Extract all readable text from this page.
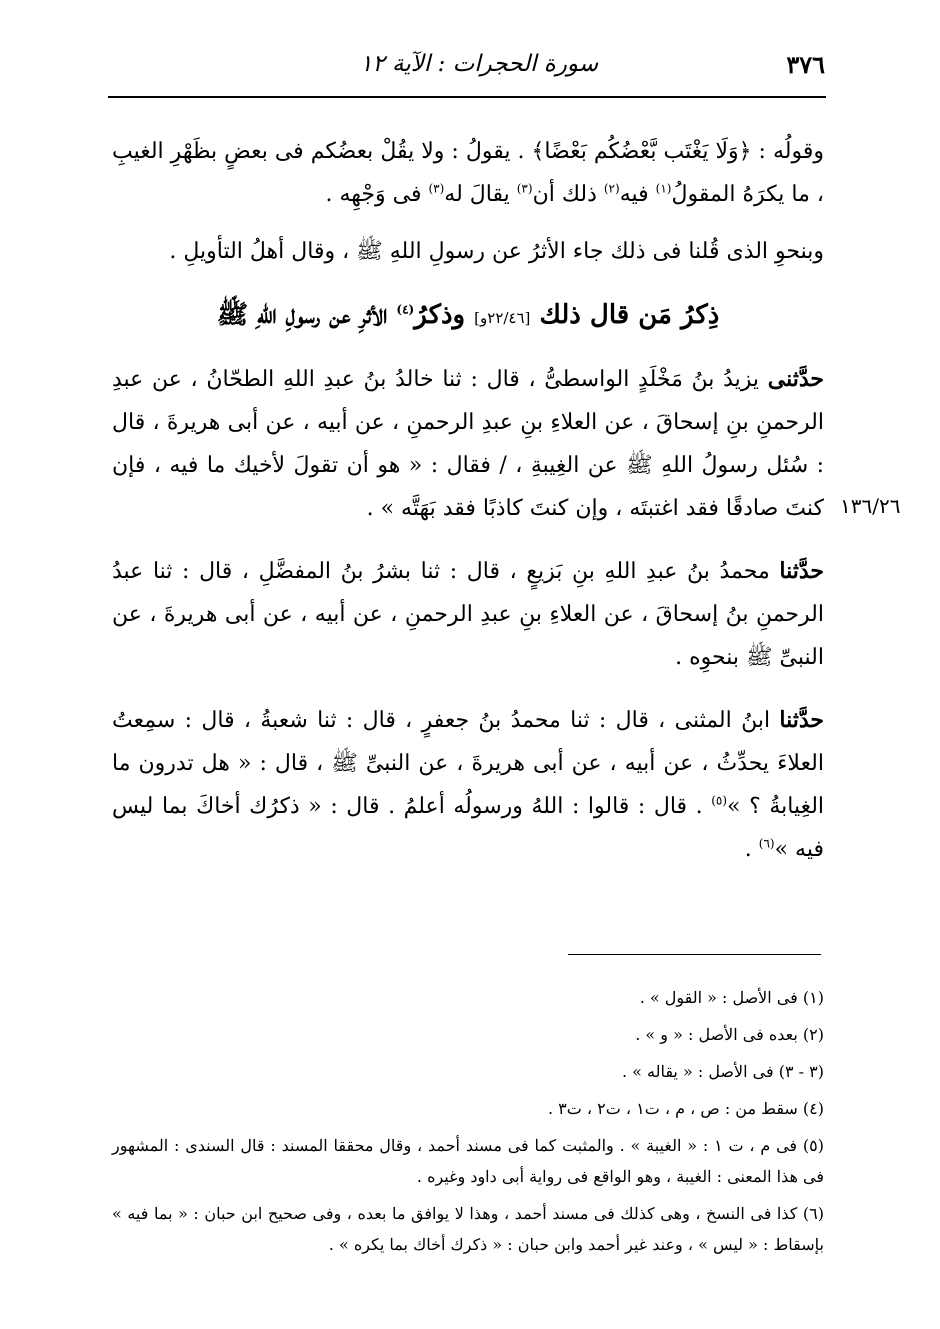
٣٧٦
سورة الحجرات : الآية ١٢
١٣٦/٢٦

وقولُه : ﴿وَلَا يَغْتَب بَّعْضُكُم بَعْضًا﴾ . يقولُ : ولا يقُلْ بعضُكم فى بعضٍ بظَهْرِ الغيبِ ، ما يكرَهُ المقولُ$^{(١)}$ فيه$^{(٢)}$ ذلك أن$^{(٣)}$ يقالَ له$^{(٣)}$ فى وَجْهِه .

وبنحوِ الذى قُلنا فى ذلك جاء الأثرُ عن رسولِ اللهِ ﷺ ، وقال أهلُ التأويلِ .

ذِكرُ مَن قال ذلك [٢٢/٤٦و] وذكرُ$^{(٤)}$ الأثرِ عن رسولِ اللهِ ﷺ

حدَّثنى يزيدُ بنُ مَخْلَدٍ الواسطىُّ ، قال : ثنا خالدُ بنُ عبدِ اللهِ الطحّانُ ، عن عبدِ الرحمنِ بنِ إسحاقَ ، عن العلاءِ بنِ عبدِ الرحمنِ ، عن أبيه ، عن أبى هريرةَ ، قال : سُئل رسولُ اللهِ ﷺ عن الغِيبةِ ، / فقال : « هو أن تقولَ لأخيك ما فيه ، فإن كنتَ صادقًا فقد اغتبتَه ، وإن كنتَ كاذبًا فقد بَهَتَّه » .

حدَّثنا محمدُ بنُ عبدِ اللهِ بنِ بَزيعٍ ، قال : ثنا بشرُ بنُ المفضَّلِ ، قال : ثنا عبدُ الرحمنِ بنُ إسحاقَ ، عن العلاءِ بنِ عبدِ الرحمنِ ، عن أبيه ، عن أبى هريرةَ ، عن النبىِّ ﷺ بنحوِه .

حدَّثنا ابنُ المثنى ، قال : ثنا محمدُ بنُ جعفرٍ ، قال : ثنا شعبةُ ، قال : سمِعتُ العلاءَ يحدِّثُ ، عن أبيه ، عن أبى هريرةَ ، عن النبىِّ ﷺ ، قال : « هل تدرون ما الغِيابةُ ؟ »$^{(٥)}$ . قال : قالوا : اللهُ ورسولُه أعلمُ . قال : « ذكرُك أخاكَ بما ليس فيه »$^{(٦)}$ .

(١) فى الأصل : « القول » .

(٢) بعده فى الأصل : « و » .

(٣ - ٣) فى الأصل : « يقاله » .

(٤) سقط من : ص ، م ، ت١ ، ت٢ ، ت٣ .

(٥) فى م ، ت ١ : « الغيبة » . والمثبت كما فى مسند أحمد ، وقال محققا المسند : قال السندى : المشهور فى هذا المعنى : الغيبة ، وهو الواقع فى رواية أبى داود وغيره .

(٦) كذا فى النسخ ، وهى كذلك فى مسند أحمد ، وهذا لا يوافق ما بعده ، وفى صحيح ابن حبان : « بما فيه » بإسقاط : « ليس » ، وعند غير أحمد وابن حبان : « ذكرك أخاك بما يكره » .
